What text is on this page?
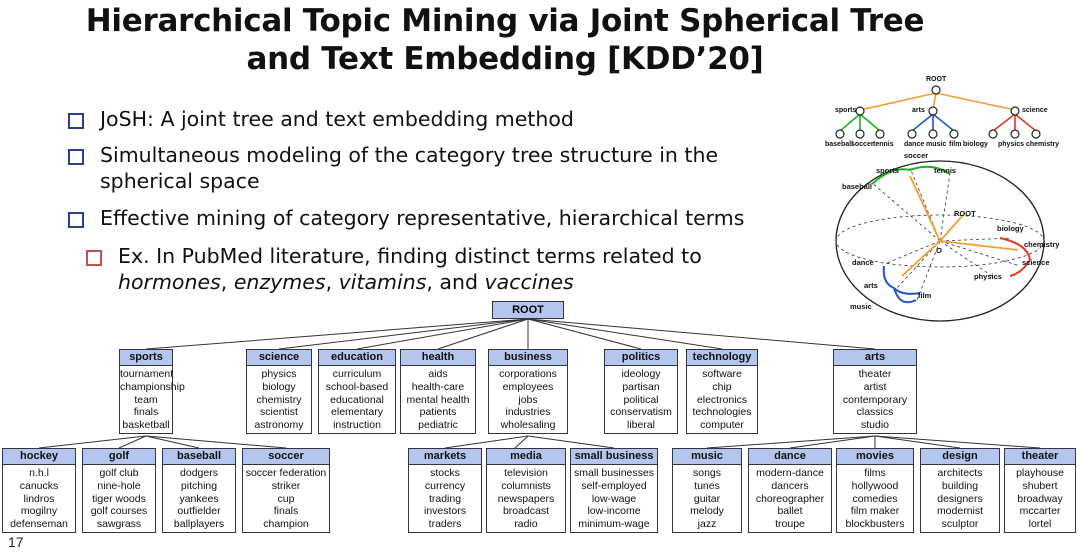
Hierarchical Topic Mining via Joint Spherical Tree
and Text Embedding [KDD’20]
JoSH: A joint tree and text embedding method
Simultaneous modeling of the category tree structure in the
spherical space
Effective mining of category representative, hierarchical terms
Ex. In PubMed literature, finding distinct terms related to
hormones, enzymes, vitamins, and vaccines
ROOT
sports
tournament
championship
team
finals
basketball
science
physics
biology
chemistry
scientist
astronomy
education
curriculum
school-based
educational
elementary
instruction
health
aids
health-care
mental health
patients
pediatric
business
corporations
employees
jobs
industries
wholesaling
politics
ideology
partisan
political
conservatism
liberal
technology
software
chip
electronics
technologies
computer
arts
theater
artist
contemporary
classics
studio
hockey
n.h.l
canucks
lindros
mogilny
defenseman
golf
golf club
nine-hole
tiger woods
golf courses
sawgrass
baseball
dodgers
pitching
yankees
outfielder
ballplayers
soccer
soccer federation
striker
cup
finals
champion
markets
stocks
currency
trading
investors
traders
media
television
columnists
newspapers
broadcast
radio
small business
small businesses
self-employed
low-wage
low-income
minimum-wage
music
songs
tunes
guitar
melody
jazz
dance
modern-dance
dancers
choreographer
ballet
troupe
movies
films
hollywood
comedies
film maker
blockbusters
design
architects
building
designers
modernist
sculptor
theater
playhouse
shubert
broadway
mccarter
lortel
ROOT
sports	arts	science
baseball
soccer tennis dance music film biology physics chemistry
soccer
sports	tennis
baseball
ROOT
biology
chemistry
science
physics
dance
arts
film
music
O
17
